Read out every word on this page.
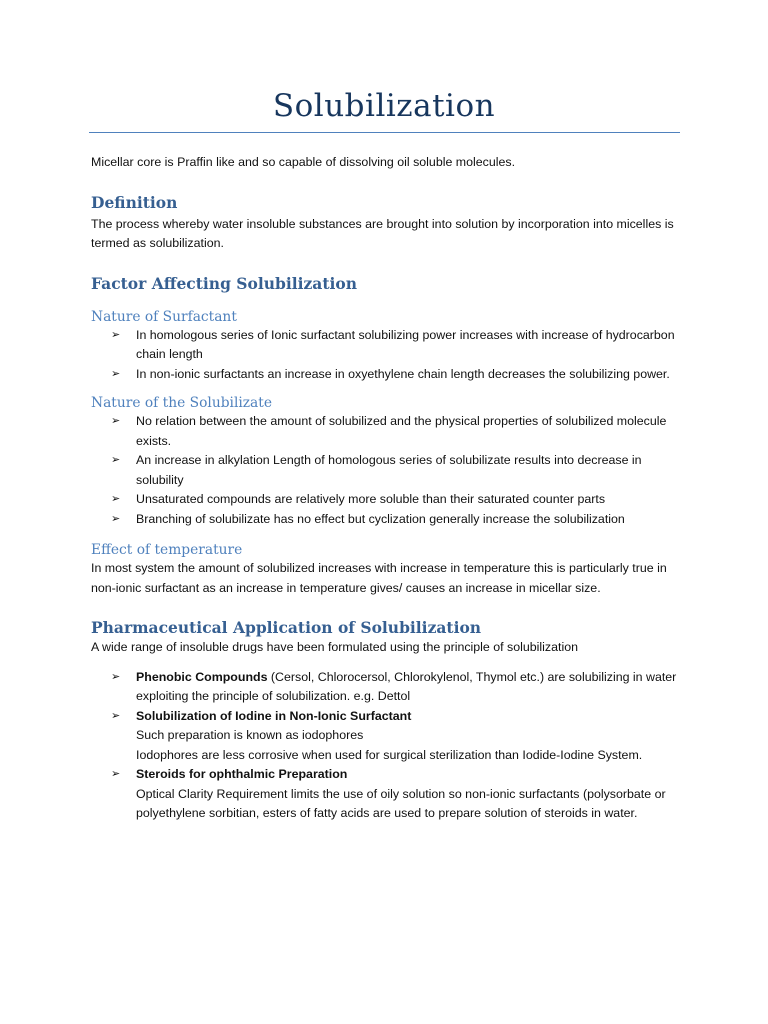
Solubilization

Micellar core is Praffin like and so capable of dissolving oil soluble molecules.

Definition

The process whereby water insoluble substances are brought into solution by incorporation into micelles is termed as solubilization.

Factor Affecting Solubilization

Nature of Surfactant

➢ In homologous series of Ionic surfactant solubilizing power increases with increase of hydrocarbon chain length
➢ In non-ionic surfactants an increase in oxyethylene chain length decreases the solubilizing power.

Nature of the Solubilizate

➢ No relation between the amount of solubilized and the physical properties of solubilized molecule exists.
➢ An increase in alkylation Length of homologous series of solubilizate results into decrease in solubility
➢ Unsaturated compounds are relatively more soluble than their saturated counter parts
➢ Branching of solubilizate has no effect but cyclization generally increase the solubilization

Effect of temperature

In most system the amount of solubilized increases with increase in temperature this is particularly true in non-ionic surfactant as an increase in temperature gives/ causes an increase in micellar size.

Pharmaceutical Application of Solubilization

A wide range of insoluble drugs have been formulated using the principle of solubilization

➢ Phenobic Compounds (Cersol, Chlorocersol, Chlorokylenol, Thymol etc.) are solubilizing in water exploiting the principle of solubilization. e.g. Dettol
➢ Solubilization of Iodine in Non-Ionic Surfactant
Such preparation is known as iodophores
Iodophores are less corrosive when used for surgical sterilization than Iodide-Iodine System.
➢ Steroids for ophthalmic Preparation
Optical Clarity Requirement limits the use of oily solution so non-ionic surfactants (polysorbate or polyethylene sorbitian, esters of fatty acids are used to prepare solution of steroids in water.
